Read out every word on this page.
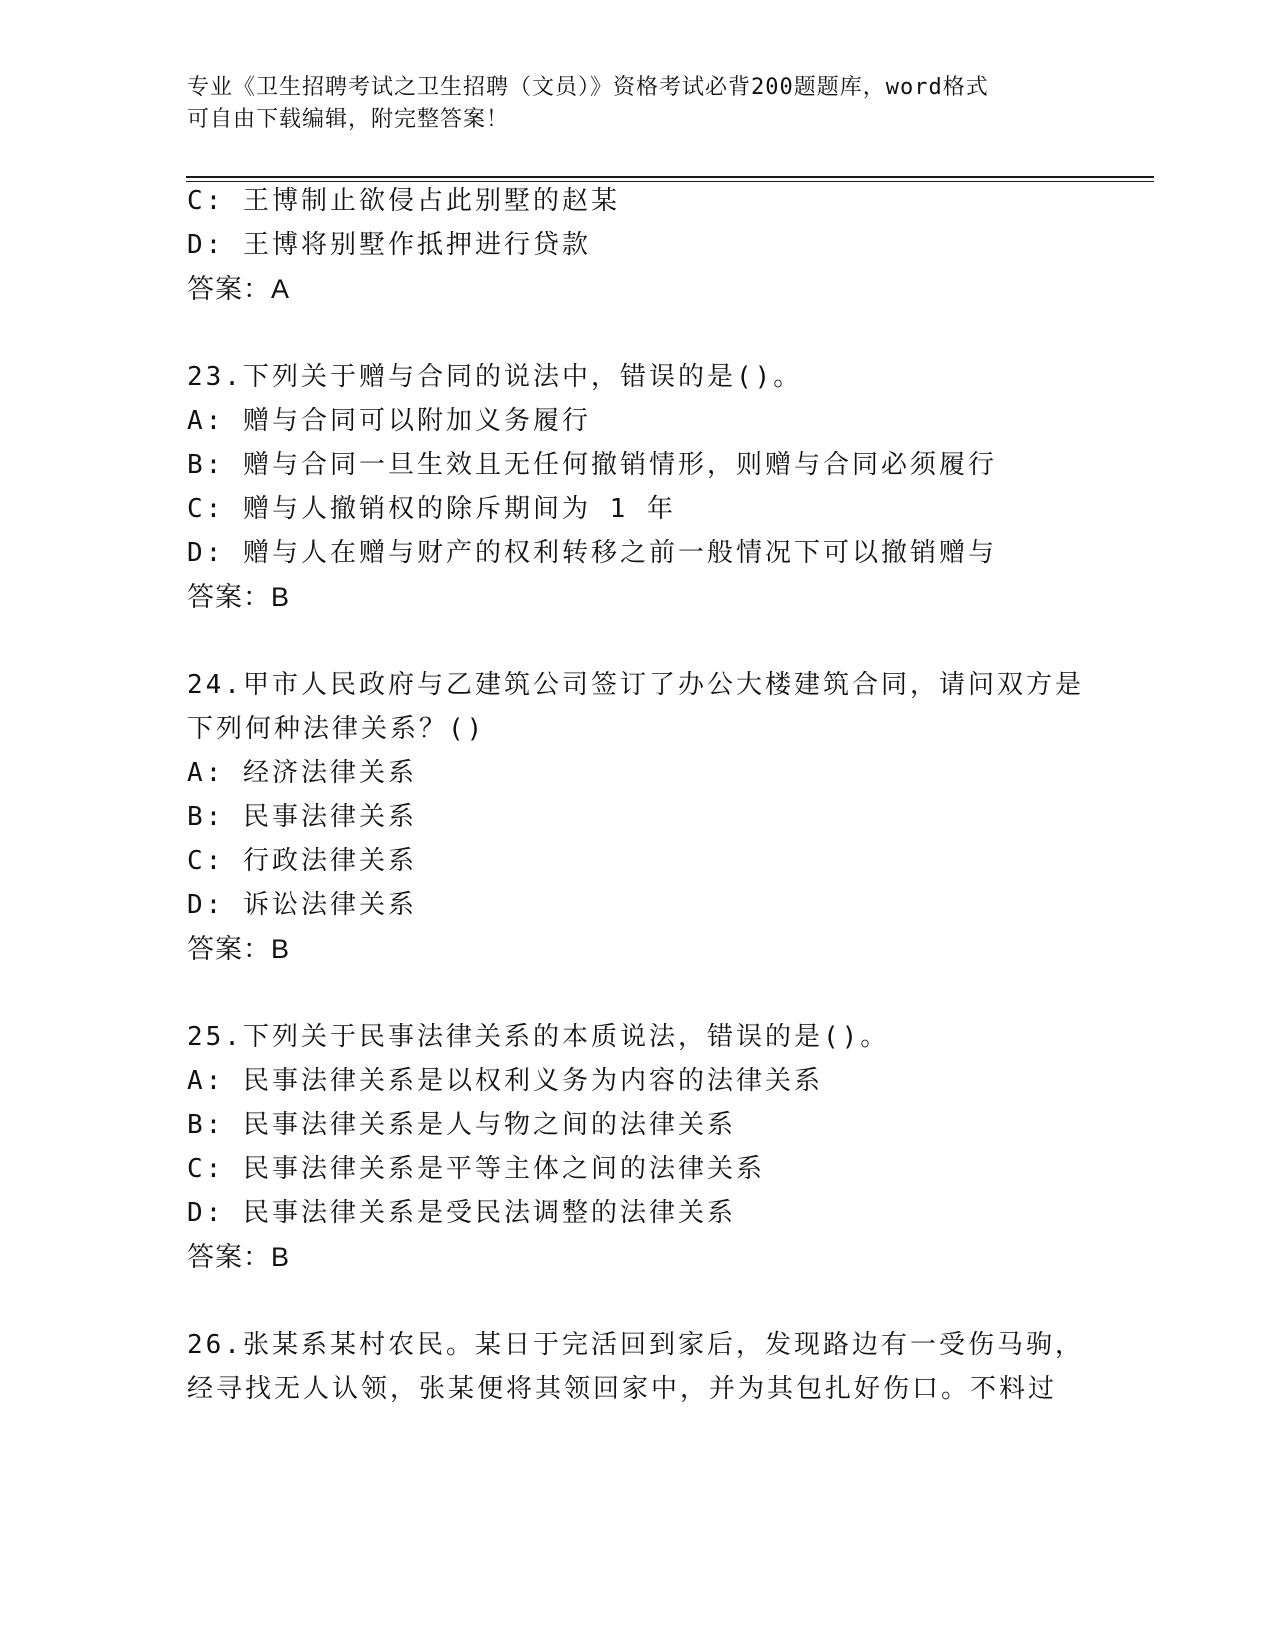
专业《卫生招聘考试之卫生招聘（文员）》资格考试必背200题题库，word格式
可自由下载编辑，附完整答案！
C: 王博制止欲侵占此别墅的赵某
D: 王博将别墅作抵押进行贷款
答案：A
23.下列关于赠与合同的说法中，错误的是()。
A: 赠与合同可以附加义务履行
B: 赠与合同一旦生效且无任何撤销情形，则赠与合同必须履行
C: 赠与人撤销权的除斥期间为 1 年
D: 赠与人在赠与财产的权利转移之前一般情况下可以撤销赠与
答案：B
24.甲市人民政府与乙建筑公司签订了办公大楼建筑合同，请问双方是
下列何种法律关系？()
A: 经济法律关系
B: 民事法律关系
C: 行政法律关系
D: 诉讼法律关系
答案：B
25.下列关于民事法律关系的本质说法，错误的是()。
A: 民事法律关系是以权利义务为内容的法律关系
B: 民事法律关系是人与物之间的法律关系
C: 民事法律关系是平等主体之间的法律关系
D: 民事法律关系是受民法调整的法律关系
答案：B
26.张某系某村农民。某日于完活回到家后，发现路边有一受伤马驹，
经寻找无人认领，张某便将其领回家中，并为其包扎好伤口。不料过
